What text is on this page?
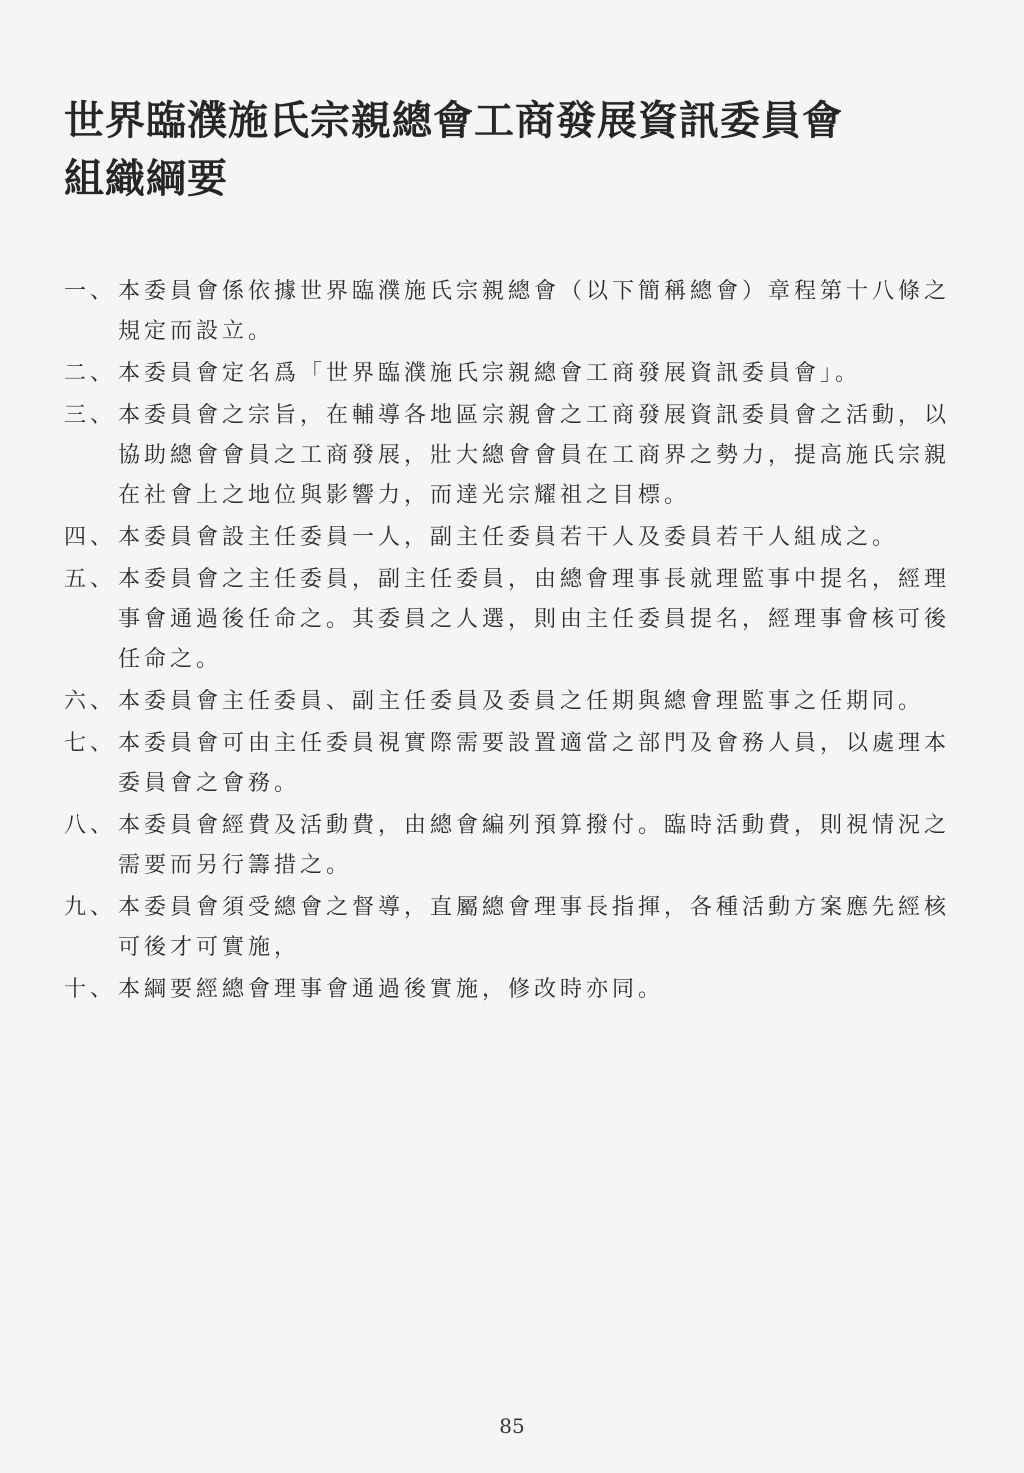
世界臨濮施氏宗親總會工商發展資訊委員會
組織綱要
一、 本委員會係依據世界臨濮施氏宗親總會（以下簡稱總會）章程第十八條之
規定而設立。
二、 本委員會定名爲「世界臨濮施氏宗親總會工商發展資訊委員會」。
三、 本委員會之宗旨，在輔導各地區宗親會之工商發展資訊委員會之活動，以
協助總會會員之工商發展，壯大總會會員在工商界之勢力，提高施氏宗親
在社會上之地位與影響力，而達光宗耀祖之目標。
四、 本委員會設主任委員一人，副主任委員若干人及委員若干人組成之。
五、 本委員會之主任委員，副主任委員，由總會理事長就理監事中提名，經理
事會通過後任命之。其委員之人選，則由主任委員提名，經理事會核可後
任命之。
六、 本委員會主任委員、副主任委員及委員之任期與總會理監事之任期同。
七、 本委員會可由主任委員視實際需要設置適當之部門及會務人員，以處理本
委員會之會務。
八、 本委員會經費及活動費，由總會編列預算撥付。臨時活動費，則視情況之
需要而另行籌措之。
九、 本委員會須受總會之督導，直屬總會理事長指揮，各種活動方案應先經核
可後才可實施，
十、 本綱要經總會理事會通過後實施，修改時亦同。
85
